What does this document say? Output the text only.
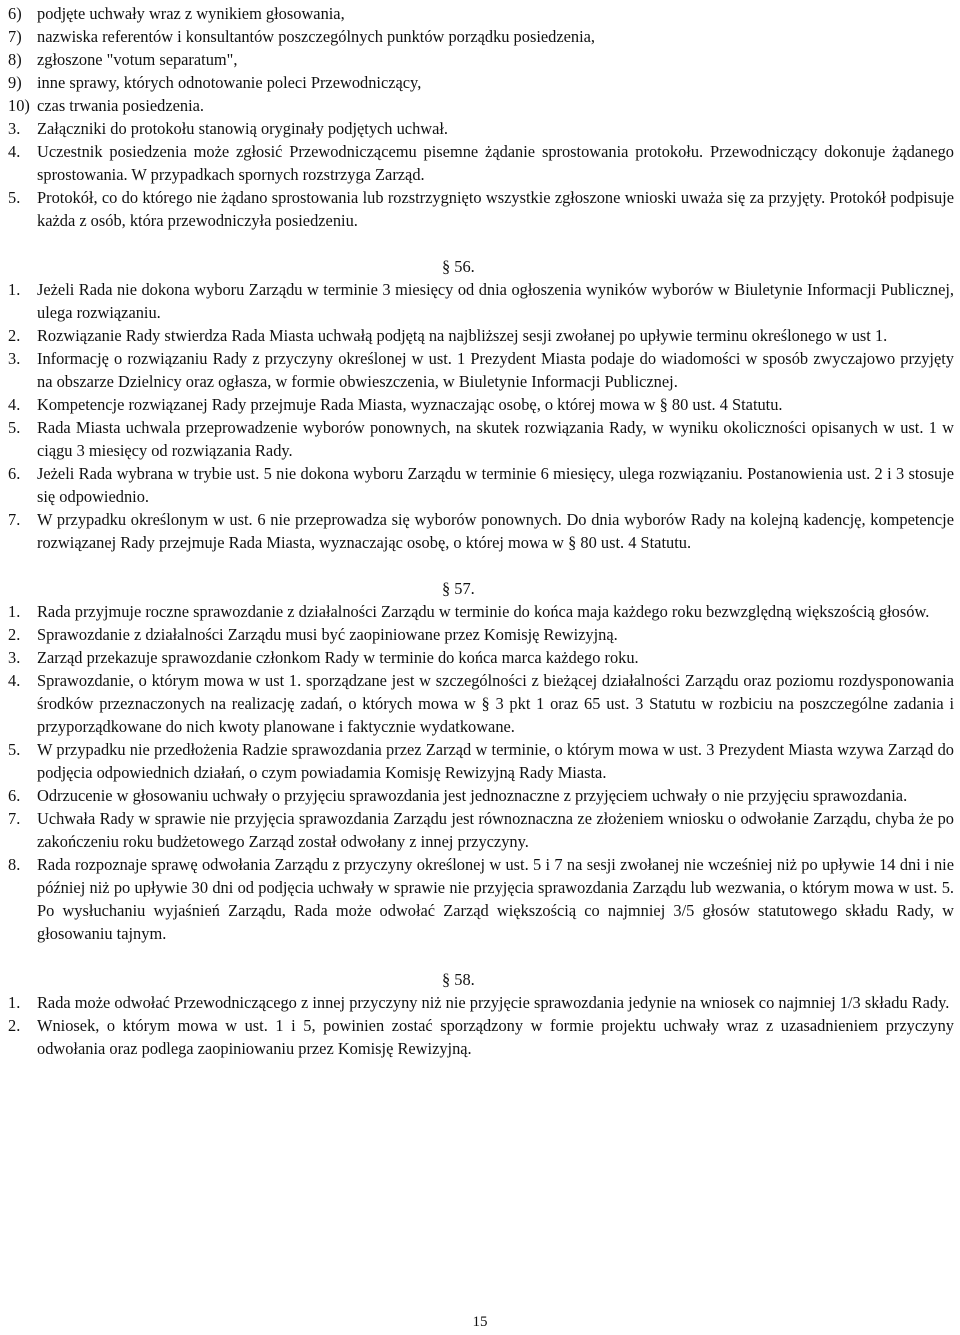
6) podjęte uchwały wraz z wynikiem głosowania,
7) nazwiska referentów i konsultantów poszczególnych punktów porządku posiedzenia,
8) zgłoszone "votum separatum",
9) inne sprawy, których odnotowanie poleci Przewodniczący,
10) czas trwania posiedzenia.
3.	Załączniki do protokołu stanowią oryginały podjętych uchwał.
4.	Uczestnik posiedzenia może zgłosić Przewodniczącemu pisemne żądanie sprostowania protokołu. Przewodniczący dokonuje żądanego sprostowania. W przypadkach spornych rozstrzyga Zarząd.
5.	Protokół, co do którego nie żądano sprostowania lub rozstrzygnięto wszystkie zgłoszone wnioski uważa się za przyjęty. Protokół podpisuje każda z osób, która przewodniczyła posiedzeniu.
§ 56.
1.	Jeżeli Rada nie dokona wyboru Zarządu w terminie 3 miesięcy od dnia ogłoszenia wyników wyborów w Biuletynie Informacji Publicznej, ulega rozwiązaniu.
2.	Rozwiązanie Rady stwierdza Rada Miasta uchwałą podjętą na najbliższej sesji zwołanej po upływie terminu określonego w ust 1.
3.	Informację o rozwiązaniu Rady z przyczyny określonej w ust. 1 Prezydent Miasta podaje do wiadomości w sposób zwyczajowo przyjęty na obszarze Dzielnicy oraz ogłasza, w formie obwieszczenia, w Biuletynie Informacji Publicznej.
4.	Kompetencje rozwiązanej Rady przejmuje Rada Miasta, wyznaczając osobę, o której mowa w § 80 ust. 4 Statutu.
5.	Rada Miasta uchwala przeprowadzenie wyborów ponownych, na skutek rozwiązania Rady, w wyniku okoliczności opisanych w ust. 1 w ciągu 3 miesięcy od rozwiązania Rady.
6.	Jeżeli Rada wybrana w trybie ust. 5 nie dokona wyboru Zarządu w terminie 6 miesięcy, ulega rozwiązaniu. Postanowienia ust. 2 i 3 stosuje się odpowiednio.
7.	W przypadku określonym w ust. 6 nie przeprowadza się wyborów ponownych. Do dnia wyborów Rady na kolejną kadencję, kompetencje rozwiązanej Rady przejmuje Rada Miasta, wyznaczając osobę, o której mowa w § 80 ust. 4 Statutu.
§ 57.
1.	Rada przyjmuje roczne sprawozdanie z działalności Zarządu w terminie do końca maja każdego roku bezwzględną większością głosów.
2.	Sprawozdanie z działalności Zarządu musi być zaopiniowane przez Komisję Rewizyjną.
3.	Zarząd przekazuje sprawozdanie członkom Rady w terminie do końca marca każdego roku.
4.	Sprawozdanie, o którym mowa w ust 1. sporządzane jest w szczególności z bieżącej działalności Zarządu oraz poziomu rozdysponowania środków przeznaczonych na realizację zadań, o których mowa w § 3 pkt 1 oraz 65 ust. 3 Statutu w rozbiciu na poszczególne zadania i przyporządkowane do nich kwoty planowane i faktycznie wydatkowane.
5.	W przypadku nie przedłożenia Radzie sprawozdania przez Zarząd w terminie, o którym mowa w ust. 3 Prezydent Miasta wzywa Zarząd do podjęcia odpowiednich działań, o czym powiadamia Komisję Rewizyjną Rady Miasta.
6.	Odrzucenie w głosowaniu uchwały o przyjęciu sprawozdania jest jednoznaczne z przyjęciem uchwały o nie przyjęciu sprawozdania.
7.	Uchwała Rady w sprawie nie przyjęcia sprawozdania Zarządu jest równoznaczna ze złożeniem wniosku o odwołanie Zarządu, chyba że po zakończeniu roku budżetowego Zarząd został odwołany z innej przyczyny.
8.	Rada rozpoznaje sprawę odwołania Zarządu z przyczyny określonej w ust. 5 i 7 na sesji zwołanej nie wcześniej niż po upływie 14 dni i nie później niż po upływie 30 dni od podjęcia uchwały w sprawie nie przyjęcia sprawozdania Zarządu lub wezwania, o którym mowa w ust. 5. Po wysłuchaniu wyjaśnień Zarządu, Rada może odwołać Zarząd większością co najmniej 3/5 głosów statutowego składu Rady, w głosowaniu tajnym.
§ 58.
1.	Rada może odwołać Przewodniczącego z innej przyczyny niż nie przyjęcie sprawozdania jedynie na wniosek co najmniej 1/3 składu Rady.
2.	Wniosek, o którym mowa w ust. 1 i 5, powinien zostać sporządzony w formie projektu uchwały wraz z uzasadnieniem przyczyny odwołania oraz podlega zaopiniowaniu przez Komisję Rewizyjną.
15
